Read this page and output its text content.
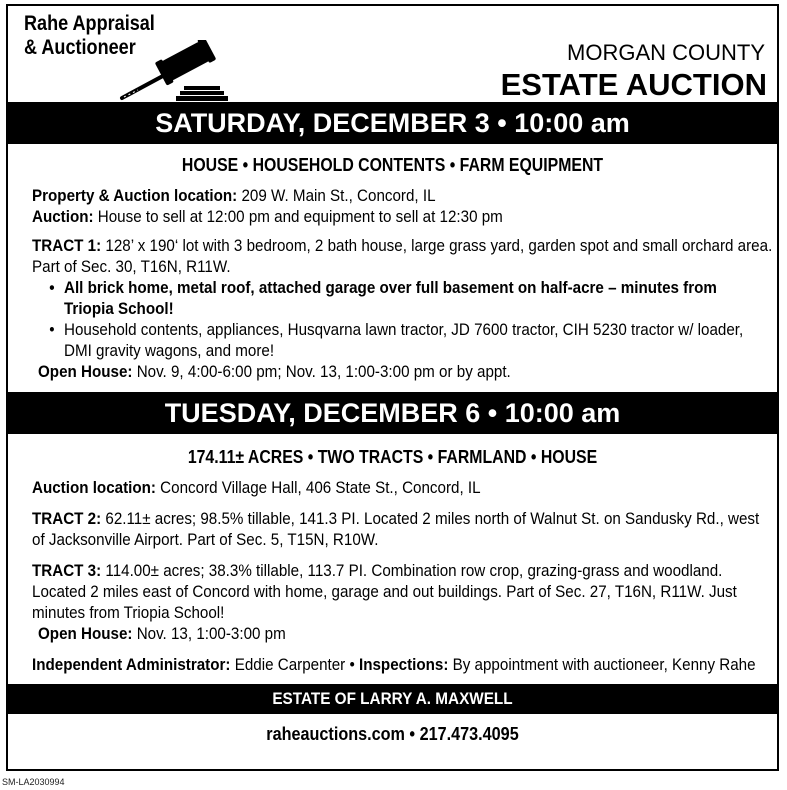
Rahe Appraisal
& Auctioneer	MORGAN COUNTY
ESTATE AUCTION
SATURDAY, DECEMBER 3 • 10:00 am
HOUSE • HOUSEHOLD CONTENTS • FARM EQUIPMENT
Property & Auction location: 209 W. Main St., Concord, IL
Auction: House to sell at 12:00 pm and equipment to sell at 12:30 pm
TRACT 1: 128’ x 190‘ lot with 3 bedroom, 2 bath house, large grass yard, garden spot and small orchard area. Part of Sec. 30, T16N, R11W.
• All brick home, metal roof, attached garage over full basement on half-acre – minutes from Triopia School!
• Household contents, appliances, Husqvarna lawn tractor, JD 7600 tractor, CIH 5230 tractor w/ loader, DMI gravity wagons, and more!
Open House: Nov. 9, 4:00-6:00 pm; Nov. 13, 1:00-3:00 pm or by appt.
TUESDAY, DECEMBER 6 • 10:00 am
174.11± ACRES • TWO TRACTS • FARMLAND • HOUSE
Auction location: Concord Village Hall, 406 State St., Concord, IL
TRACT 2: 62.11± acres; 98.5% tillable, 141.3 PI. Located 2 miles north of Walnut St. on Sandusky Rd., west of Jacksonville Airport. Part of Sec. 5, T15N, R10W.
TRACT 3: 114.00± acres; 38.3% tillable, 113.7 PI. Combination row crop, grazing-grass and woodland. Located 2 miles east of Concord with home, garage and out buildings. Part of Sec. 27, T16N, R11W. Just minutes from Triopia School!
Open House: Nov. 13, 1:00-3:00 pm
Independent Administrator: Eddie Carpenter • Inspections: By appointment with auctioneer, Kenny Rahe
ESTATE OF LARRY A. MAXWELL
raheauctions.com • 217.473.4095
SM-LA2030994
